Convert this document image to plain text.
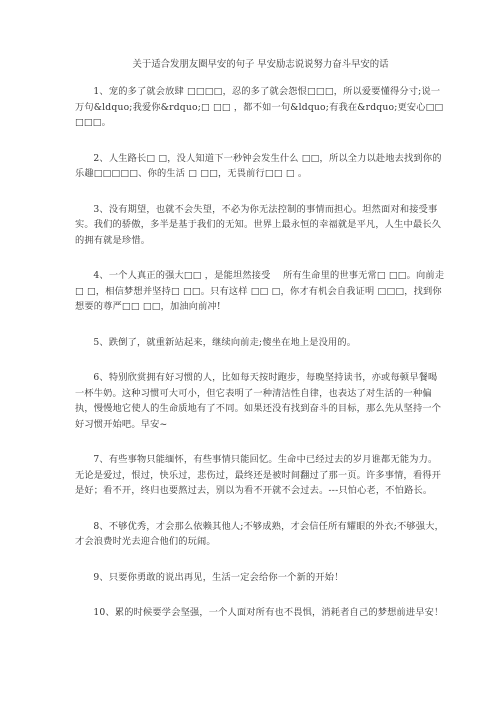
关于适合发朋友圈早安的句子 早安励志说说努力奋斗早安的话

1、宠的多了就会放肆 □□□□，忍的多了就会怨恨□□□，所以爱要懂得分寸;说一万句&ldquo;我爱你&rdquo;□ □□ ，都不如一句&ldquo;有我在&rdquo;更安心□□□□□。

2、人生路长□ □，没人知道下一秒钟会发生什么 □□，所以全力以赴地去找到你的乐趣□□□□□、你的生活 □ □□，无畏前行□□ □ 。

3、没有期望，也就不会失望，不必为你无法控制的事情而担心。坦然面对和接受事实。我们的骄傲，多半是基于我们的无知。世界上最永恒的幸福就是平凡，人生中最长久的拥有就是珍惜。

4、一个人真正的强大□□ ，是能坦然接受　 所有生命里的世事无常□ □□。向前走□ □，相信梦想并坚持□ □□。只有这样 □□ □，你才有机会自我证明 □□□，找到你想要的尊严□□ □□，加油向前冲!

5、跌倒了，就重新站起来，继续向前走;傻坐在地上是没用的。

6、特别欣赏拥有好习惯的人，比如每天按时跑步，每晚坚持读书，亦或每顿早餐喝一杯牛奶。这种习惯可大可小，但它表明了一种清洁性自律，也表达了对生活的一种偏执，慢慢地它使人的生命质地有了不同。如果还没有找到奋斗的目标，那么先从坚持一个好习惯开始吧。早安~

7、有些事物只能缅怀，有些事情只能回忆。生命中已经过去的岁月谁都无能为力。无论是爱过，恨过，快乐过，悲伤过，最终还是被时间翻过了那一页。许多事情，看得开是好；看不开，终归也要熬过去，别以为看不开就不会过去。---只怕心老，不怕路长。

8、不够优秀，才会那么依赖其他人;不够成熟，才会信任所有耀眼的外衣;不够强大，才会浪费时光去迎合他们的玩闹。

9、只要你勇敢的说出再见，生活一定会给你一个新的开始！

10、累的时候要学会坚强，一个人面对所有也不畏惧，消耗者自己的梦想前进早安！
